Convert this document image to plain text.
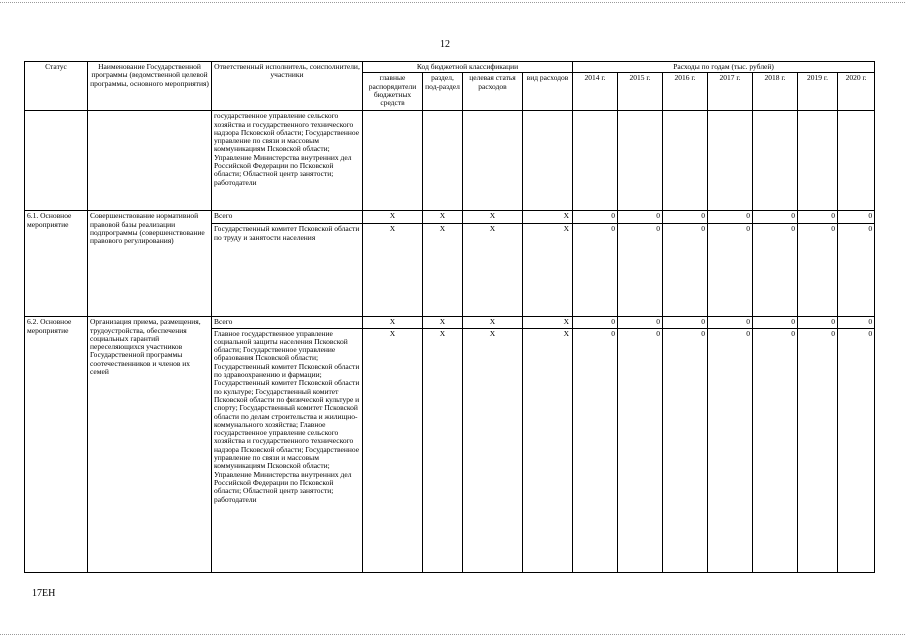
12
Статус	Наименование Государственной программы (ведомственной целевой программы, основного мероприятия)	Ответственный исполнитель, соисполнители, участники	Код бюджетной классификации				Расходы по годам (тыс. рублей)						
			главные распорядители бюджетных средств	раздел, под-раздел	целевая статья расходов	вид расходов	2014 г.	2015 г.	2016 г.	2017 г.	2018 г.	2019 г.	2020 г.
		государственное управление сельского хозяйства и государственного технического надзора Псковской области; Государственное управление по связи и массовым коммуникациям Псковской области; Управление Министерства внутренних дел Российской Федерации по Псковской области; Областной центр занятости; работодатели											
6.1. Основное мероприятие	Совершенствование нормативной правовой базы реализации подпрограммы (совершенствование правового регулирования)	Всего	X	X	X	X	0	0	0	0	0	0	0
		Государственный комитет Псковской области по труду и занятости населения	X	X	X	X	0	0	0	0	0	0	0
6.2. Основное мероприятие	Организация приема, размещения, трудоустройства, обеспечения социальных гарантий переселяющихся участников Государственной программы соотечественников и членов их семей	Всего	X	X	X	X	0	0	0	0	0	0	0
		Главное государственное управление социальной защиты населения Псковской области; Государственное управление образования Псковской области; Государственный комитет Псковской области по здравоохранению и фармации; Государственный комитет Псковской области по культуре; Государственный комитет Псковской области по физической культуре и спорту; Государственный комитет Псковской области по делам строительства и жилищно-коммунального хозяйства; Главное государственное управление сельского хозяйства и государственного технического надзора Псковской области; Государственное управление по связи и массовым коммуникациям Псковской области; Управление Министерства внутренних дел Российской Федерации по Псковской области; Областной центр занятости; работодатели	X	X	X	X	0	0	0	0	0	0	0
17EH
